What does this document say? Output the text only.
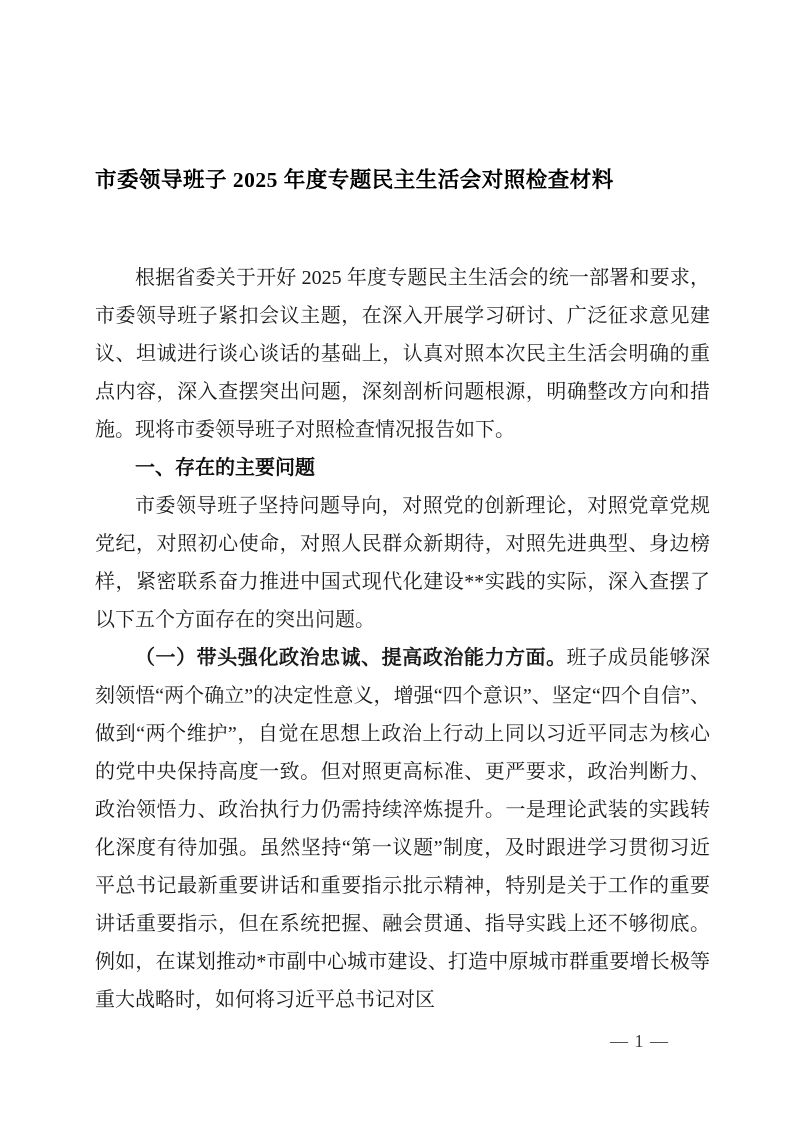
市委领导班子 2025 年度专题民主生活会对照检查材料

根据省委关于开好 2025 年度专题民主生活会的统一部署和要求，市委领导班子紧扣会议主题，在深入开展学习研讨、广泛征求意见建议、坦诚进行谈心谈话的基础上，认真对照本次民主生活会明确的重点内容，深入查摆突出问题，深刻剖析问题根源，明确整改方向和措施。现将市委领导班子对照检查情况报告如下。

一、存在的主要问题

市委领导班子坚持问题导向，对照党的创新理论，对照党章党规党纪，对照初心使命，对照人民群众新期待，对照先进典型、身边榜样，紧密联系奋力推进中国式现代化建设**实践的实际，深入查摆了以下五个方面存在的突出问题。

（一）带头强化政治忠诚、提高政治能力方面。班子成员能够深刻领悟“两个确立”的决定性意义，增强“四个意识”、坚定“四个自信”、做到“两个维护”，自觉在思想上政治上行动上同以习近平同志为核心的党中央保持高度一致。但对照更高标准、更严要求，政治判断力、政治领悟力、政治执行力仍需持续淬炼提升。一是理论武装的实践转化深度有待加强。虽然坚持“第一议题”制度，及时跟进学习贯彻习近平总书记最新重要讲话和重要指示批示精神，特别是关于工作的重要讲话重要指示，但在系统把握、融会贯通、指导实践上还不够彻底。例如，在谋划推动*市副中心城市建设、打造中原城市群重要增长极等重大战略时，如何将习近平总书记对区

— 1 —
